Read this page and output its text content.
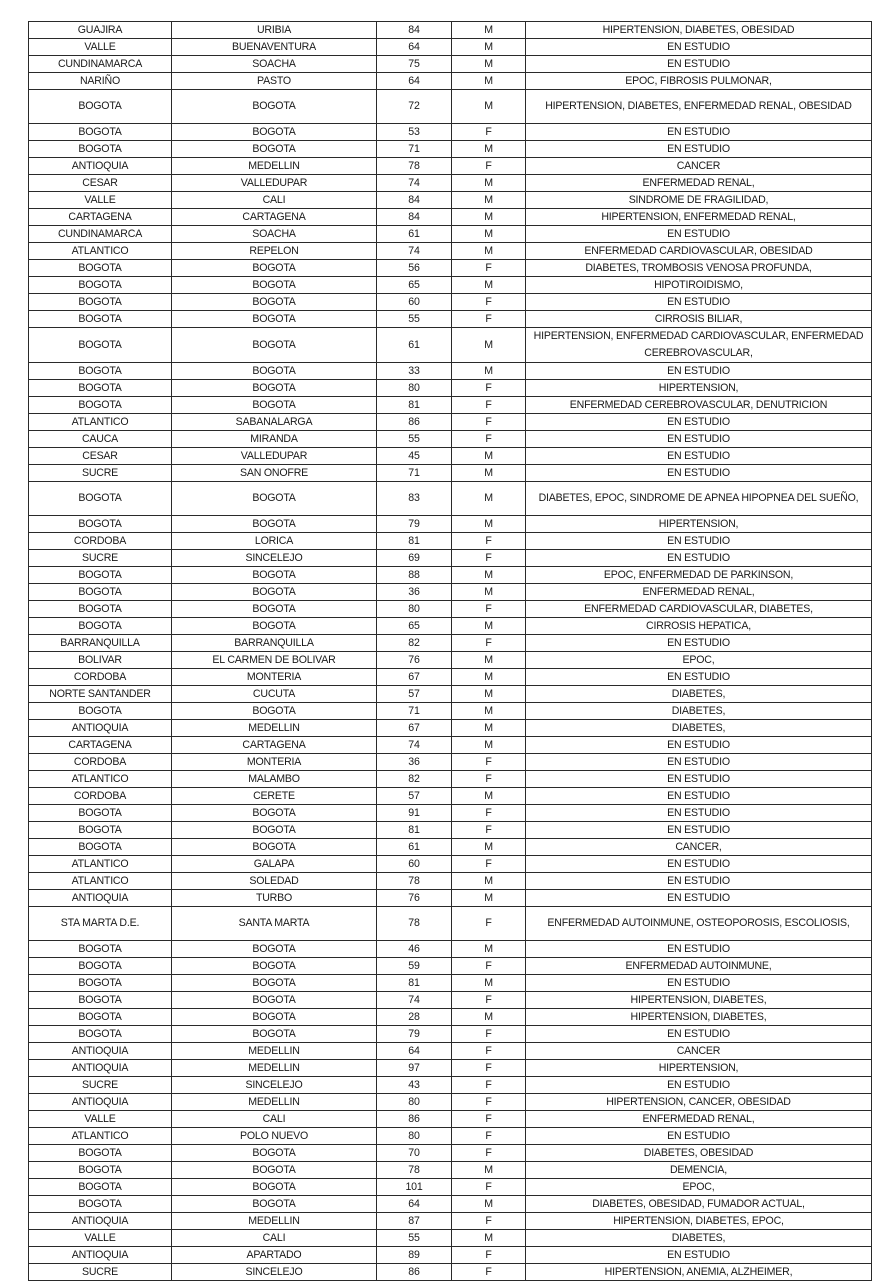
GUAJIRA	URIBIA	84	M	HIPERTENSION, DIABETES, OBESIDAD
VALLE	BUENAVENTURA	64	M	EN ESTUDIO
CUNDINAMARCA	SOACHA	75	M	EN ESTUDIO
NARIÑO	PASTO	64	M	EPOC, FIBROSIS PULMONAR,
BOGOTA	BOGOTA	72	M	HIPERTENSION, DIABETES, ENFERMEDAD RENAL, OBESIDAD
BOGOTA	BOGOTA	53	F	EN ESTUDIO
BOGOTA	BOGOTA	71	M	EN ESTUDIO
ANTIOQUIA	MEDELLIN	78	F	CANCER
CESAR	VALLEDUPAR	74	M	ENFERMEDAD RENAL,
VALLE	CALI	84	M	SINDROME DE FRAGILIDAD,
CARTAGENA	CARTAGENA	84	M	HIPERTENSION, ENFERMEDAD RENAL,
CUNDINAMARCA	SOACHA	61	M	EN ESTUDIO
ATLANTICO	REPELON	74	M	ENFERMEDAD CARDIOVASCULAR, OBESIDAD
BOGOTA	BOGOTA	56	F	DIABETES, TROMBOSIS VENOSA PROFUNDA,
BOGOTA	BOGOTA	65	M	HIPOTIROIDISMO,
BOGOTA	BOGOTA	60	F	EN ESTUDIO
BOGOTA	BOGOTA	55	F	CIRROSIS BILIAR,
BOGOTA	BOGOTA	61	M	HIPERTENSION, ENFERMEDAD CARDIOVASCULAR, ENFERMEDAD CEREBROVASCULAR,
BOGOTA	BOGOTA	33	M	EN ESTUDIO
BOGOTA	BOGOTA	80	F	HIPERTENSION,
BOGOTA	BOGOTA	81	F	ENFERMEDAD CEREBROVASCULAR, DENUTRICION
ATLANTICO	SABANALARGA	86	F	EN ESTUDIO
CAUCA	MIRANDA	55	F	EN ESTUDIO
CESAR	VALLEDUPAR	45	M	EN ESTUDIO
SUCRE	SAN ONOFRE	71	M	EN ESTUDIO
BOGOTA	BOGOTA	83	M	DIABETES, EPOC, SINDROME DE APNEA HIPOPNEA DEL SUEÑO,
BOGOTA	BOGOTA	79	M	HIPERTENSION,
CORDOBA	LORICA	81	F	EN ESTUDIO
SUCRE	SINCELEJO	69	F	EN ESTUDIO
BOGOTA	BOGOTA	88	M	EPOC, ENFERMEDAD DE PARKINSON,
BOGOTA	BOGOTA	36	M	ENFERMEDAD RENAL,
BOGOTA	BOGOTA	80	F	ENFERMEDAD CARDIOVASCULAR, DIABETES,
BOGOTA	BOGOTA	65	M	CIRROSIS HEPATICA,
BARRANQUILLA	BARRANQUILLA	82	F	EN ESTUDIO
BOLIVAR	EL CARMEN DE BOLIVAR	76	M	EPOC,
CORDOBA	MONTERIA	67	M	EN ESTUDIO
NORTE SANTANDER	CUCUTA	57	M	DIABETES,
BOGOTA	BOGOTA	71	M	DIABETES,
ANTIOQUIA	MEDELLIN	67	M	DIABETES,
CARTAGENA	CARTAGENA	74	M	EN ESTUDIO
CORDOBA	MONTERIA	36	F	EN ESTUDIO
ATLANTICO	MALAMBO	82	F	EN ESTUDIO
CORDOBA	CERETE	57	M	EN ESTUDIO
BOGOTA	BOGOTA	91	F	EN ESTUDIO
BOGOTA	BOGOTA	81	F	EN ESTUDIO
BOGOTA	BOGOTA	61	M	CANCER,
ATLANTICO	GALAPA	60	F	EN ESTUDIO
ATLANTICO	SOLEDAD	78	M	EN ESTUDIO
ANTIOQUIA	TURBO	76	M	EN ESTUDIO
STA MARTA D.E.	SANTA MARTA	78	F	ENFERMEDAD AUTOINMUNE, OSTEOPOROSIS, ESCOLIOSIS,
BOGOTA	BOGOTA	46	M	EN ESTUDIO
BOGOTA	BOGOTA	59	F	ENFERMEDAD AUTOINMUNE,
BOGOTA	BOGOTA	81	M	EN ESTUDIO
BOGOTA	BOGOTA	74	F	HIPERTENSION, DIABETES,
BOGOTA	BOGOTA	28	M	HIPERTENSION, DIABETES,
BOGOTA	BOGOTA	79	F	EN ESTUDIO
ANTIOQUIA	MEDELLIN	64	F	CANCER
ANTIOQUIA	MEDELLIN	97	F	HIPERTENSION,
SUCRE	SINCELEJO	43	F	EN ESTUDIO
ANTIOQUIA	MEDELLIN	80	F	HIPERTENSION, CANCER, OBESIDAD
VALLE	CALI	86	F	ENFERMEDAD RENAL,
ATLANTICO	POLO NUEVO	80	F	EN ESTUDIO
BOGOTA	BOGOTA	70	F	DIABETES, OBESIDAD
BOGOTA	BOGOTA	78	M	DEMENCIA,
BOGOTA	BOGOTA	101	F	EPOC,
BOGOTA	BOGOTA	64	M	DIABETES, OBESIDAD, FUMADOR ACTUAL,
ANTIOQUIA	MEDELLIN	87	F	HIPERTENSION, DIABETES, EPOC,
VALLE	CALI	55	M	DIABETES,
ANTIOQUIA	APARTADO	89	F	EN ESTUDIO
SUCRE	SINCELEJO	86	F	HIPERTENSION, ANEMIA, ALZHEIMER,
